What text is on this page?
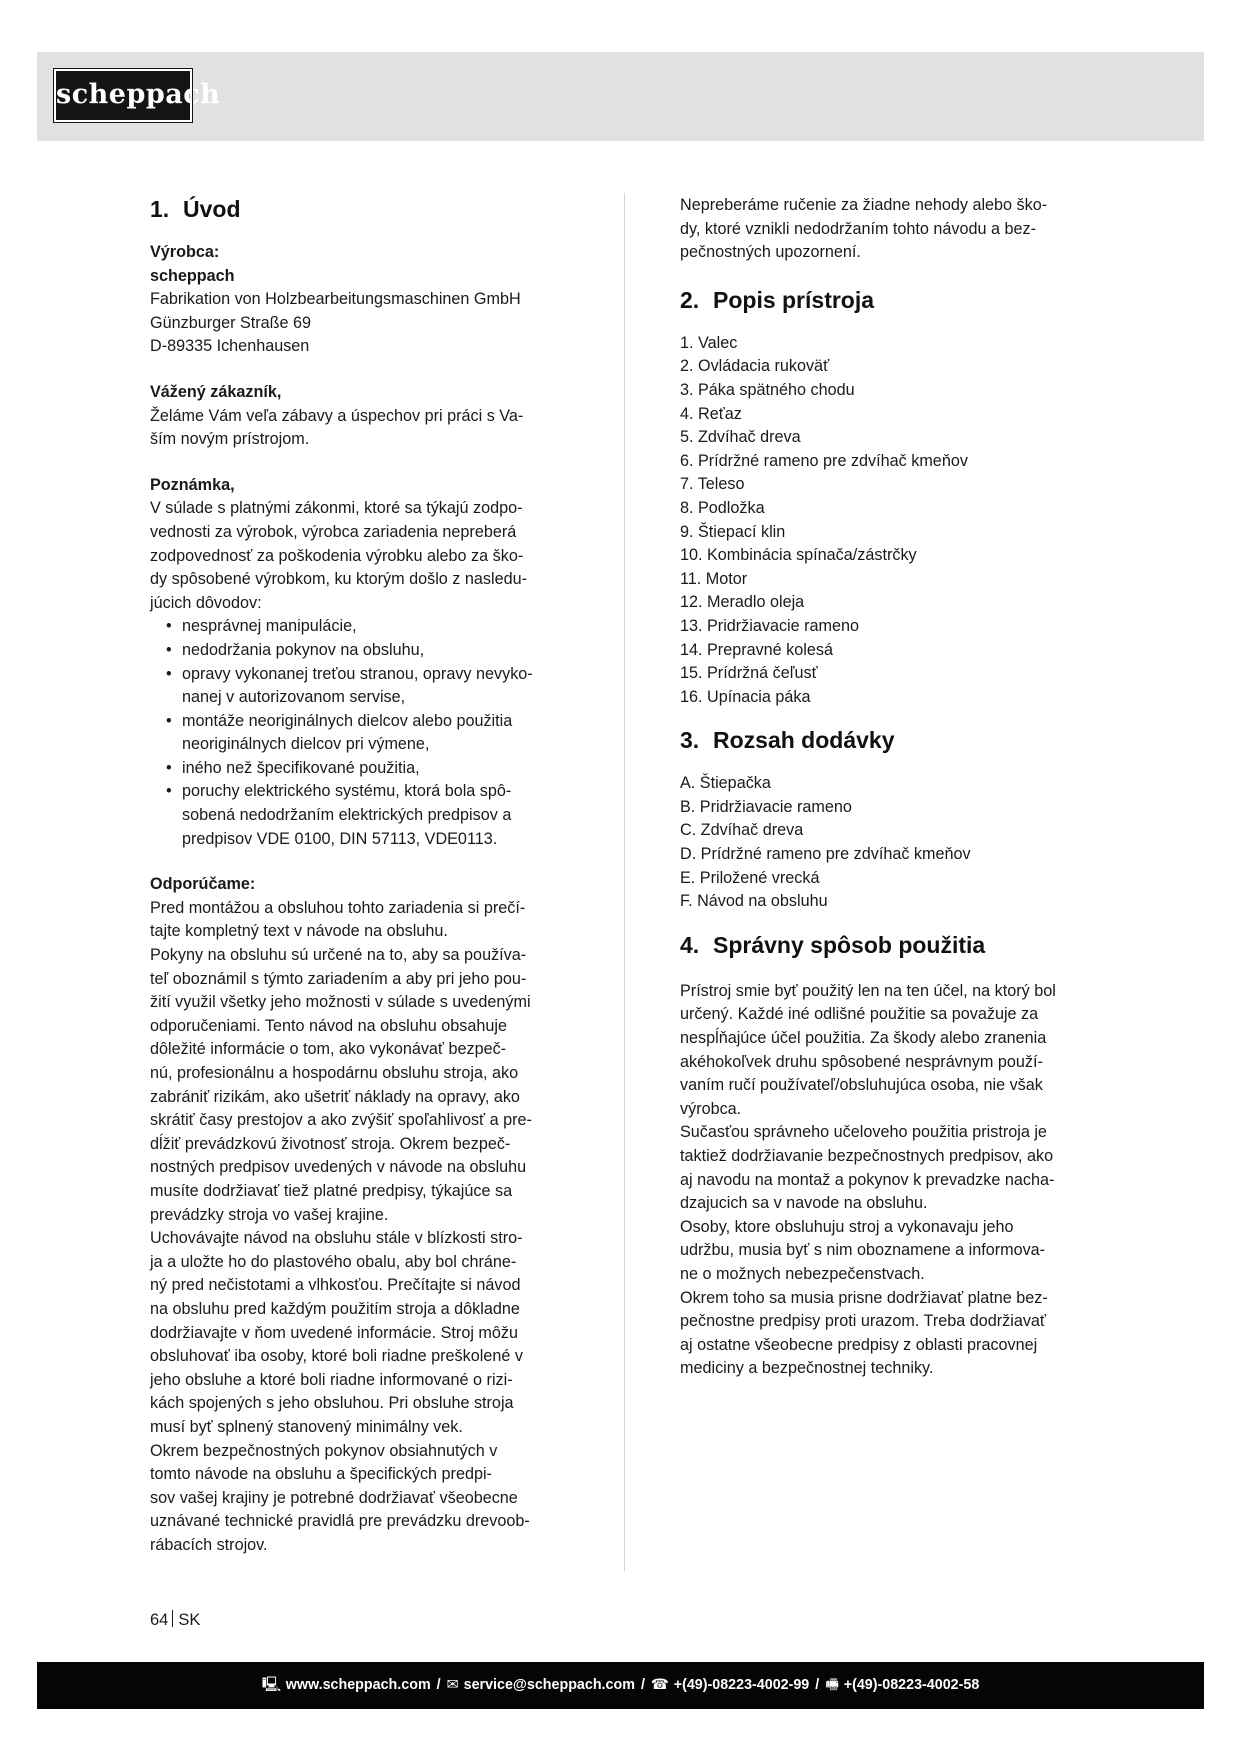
scheppach
1. Úvod

Výrobca:

scheppach

Fabrikation von Holzbearbeitungsmaschinen GmbH

Günzburger Straße 69

D-89335 Ichenhausen

Vážený zákazník,

Želáme Vám veľa zábavy a úspechov pri práci s Va-

ším novým prístrojom.

Poznámka,

V súlade s platnými zákonmi, ktoré sa týkajú zodpo-

vednosti za výrobok, výrobca zariadenia nepreberá

zodpovednosť za poškodenia výrobku alebo za ško-

dy spôsobené výrobkom, ku ktorým došlo z nasledu-

júcich dôvodov:

• nesprávnej manipulácie,
• nedodržania pokynov na obsluhu,
• opravy vykonanej treťou stranou, opravy nevyko-
nanej v autorizovanom servise,
• montáže neoriginálnych dielcov alebo použitia
neoriginálnych dielcov pri výmene,
• iného než špecifikované použitia,
• poruchy elektrického systému, ktorá bola spô-
sobená nedodržaním elektrických predpisov a
predpisov VDE 0100, DIN 57113, VDE0113.

Odporúčame:

Pred montážou a obsluhou tohto zariadenia si prečí-

tajte kompletný text v návode na obsluhu.

Pokyny na obsluhu sú určené na to, aby sa používa-

teľ oboznámil s týmto zariadením a aby pri jeho pou-

žití využil všetky jeho možnosti v súlade s uvedenými

odporučeniami. Tento návod na obsluhu obsahuje

dôležité informácie o tom, ako vykonávať bezpeč-

nú, profesionálnu a hospodárnu obsluhu stroja, ako

zabrániť rizikám, ako ušetriť náklady na opravy, ako

skrátiť časy prestojov a ako zvýšiť spoľahlivosť a pre-

dĺžiť prevádzkovú životnosť stroja. Okrem bezpeč-

nostných predpisov uvedených v návode na obsluhu

musíte dodržiavať tiež platné predpisy, týkajúce sa

prevádzky stroja vo vašej krajine.

Uchovávajte návod na obsluhu stále v blízkosti stro-

ja a uložte ho do plastového obalu, aby bol chráne-

ný pred nečistotami a vlhkosťou. Prečítajte si návod

na obsluhu pred každým použitím stroja a dôkladne

dodržiavajte v ňom uvedené informácie. Stroj môžu

obsluhovať iba osoby, ktoré boli riadne preškolené v

jeho obsluhe a ktoré boli riadne informované o rizi-

kách spojených s jeho obsluhou. Pri obsluhe stroja

musí byť splnený stanovený minimálny vek.

Okrem bezpečnostných pokynov obsiahnutých v

tomto návode na obsluhu a špecifických predpi-

sov vašej krajiny je potrebné dodržiavať všeobecne

uznávané technické pravidlá pre prevádzku drevoob-

rábacích strojov.

Nepreberáme ručenie za žiadne nehody alebo ško-

dy, ktoré vznikli nedodržaním tohto návodu a bez-

pečnostných upozornení.

2. Popis prístroja
1. Valec
2. Ovládacia rukoväť
3. Páka spätného chodu
4. Reťaz
5. Zdvíhač dreva
6. Prídržné rameno pre zdvíhač kmeňov
7. Teleso
8. Podložka
9. Štiepací klin
10. Kombinácia spínača/zástrčky
11. Motor
12. Meradlo oleja
13. Pridržiavacie rameno
14. Prepravné kolesá
15. Prídržná čeľusť
16. Upínacia páka
3. Rozsah dodávky
A. Štiepačka
B. Pridržiavacie rameno
C. Zdvíhač dreva
D. Prídržné rameno pre zdvíhač kmeňov
E. Priložené vrecká
F. Návod na obsluhu
4. Správny spôsob použitia

Prístroj smie byť použitý len na ten účel, na ktorý bol

určený. Každé iné odlišné použitie sa považuje za

nespĺňajúce účel použitia. Za škody alebo zranenia

akéhokoľvek druhu spôsobené nesprávnym použí-

vaním ručí používateľ/obsluhujúca osoba, nie však

výrobca.

Sučasťou správneho učeloveho použitia pristroja je

taktiež dodržiavanie bezpečnostnych predpisov, ako

aj navodu na montaž a pokynov k prevadzke nacha-

dzajucich sa v navode na obsluhu.

Osoby, ktore obsluhuju stroj a vykonavaju jeho

udržbu, musia byť s nim oboznamene a informova-

ne o možnych nebezpečenstvach.

Okrem toho sa musia prisne dodržiavať platne bez-

pečnostne predpisy proti urazom. Treba dodržiavať

aj ostatne všeobecne predpisy z oblasti pracovnej

mediciny a bezpečnostnej techniky.

64 SK
🖳 www.scheppach.com / ✉ service@scheppach.com / ☎ +(49)-08223-4002-99 / 🖷 +(49)-08223-4002-58
